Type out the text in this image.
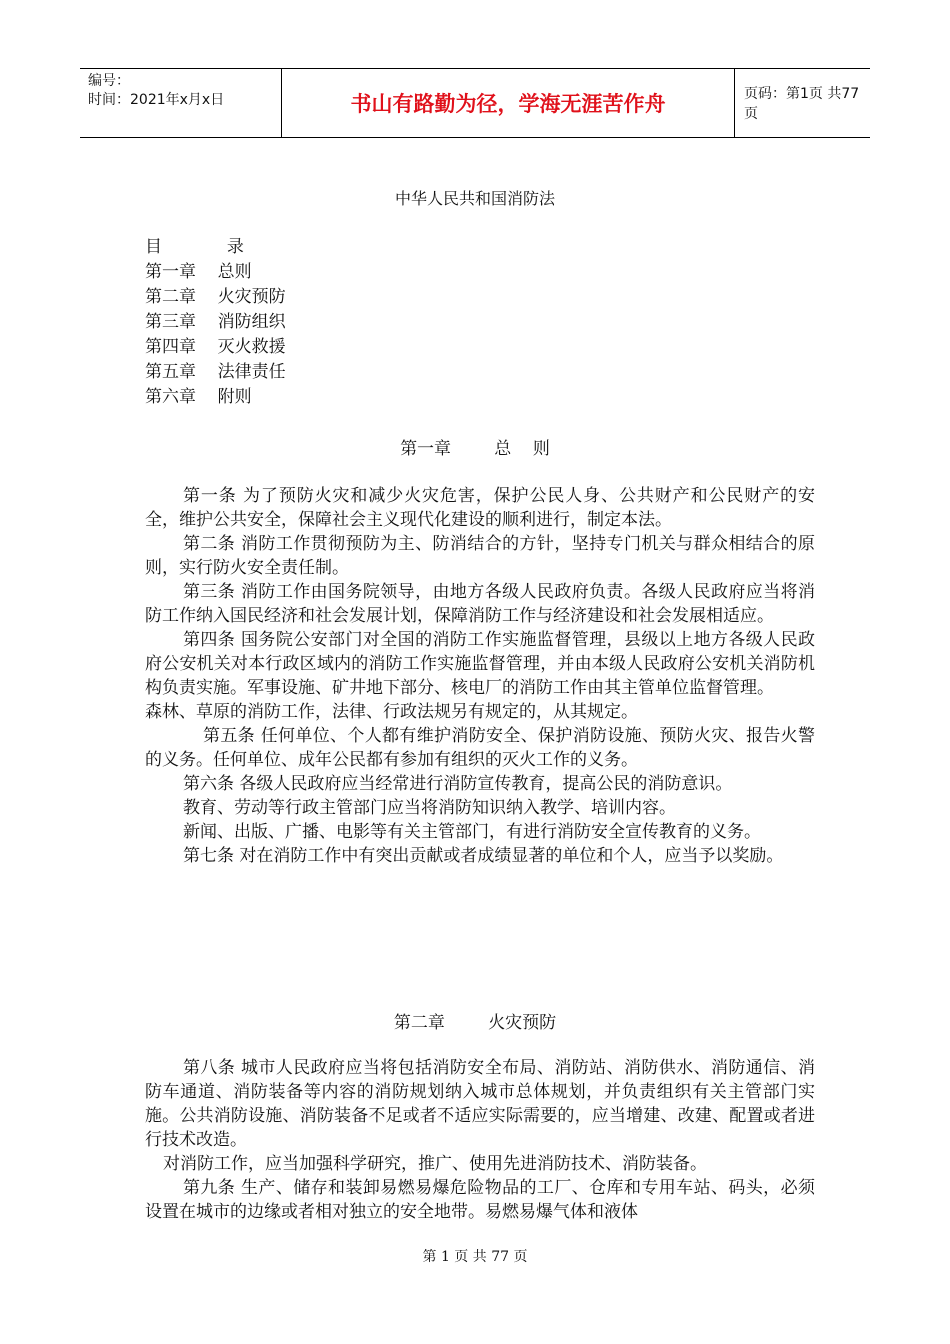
编号：
时间：2021年x月x日	书山有路勤为径，学海无涯苦作舟	页码：第1页 共77页
中华人民共和国消防法
目            录
第一章    总则
第二章    火灾预防
第三章    消防组织
第四章    灭火救援
第五章    法律责任
第六章    附则
第一章        总    则

第一条 为了预防火灾和减少火灾危害，保护公民人身、公共财产和公民财产的安全，维护公共安全，保障社会主义现代化建设的顺利进行，制定本法。

第二条 消防工作贯彻预防为主、防消结合的方针，坚持专门机关与群众相结合的原则，实行防火安全责任制。

第三条 消防工作由国务院领导，由地方各级人民政府负责。各级人民政府应当将消防工作纳入国民经济和社会发展计划，保障消防工作与经济建设和社会发展相适应。

第四条 国务院公安部门对全国的消防工作实施监督管理，县级以上地方各级人民政府公安机关对本行政区域内的消防工作实施监督管理，并由本级人民政府公安机关消防机构负责实施。军事设施、矿井地下部分、核电厂的消防工作由其主管单位监督管理。

森林、草原的消防工作，法律、行政法规另有规定的，从其规定。

第五条 任何单位、个人都有维护消防安全、保护消防设施、预防火灾、报告火警的义务。任何单位、成年公民都有参加有组织的灭火工作的义务。

第六条 各级人民政府应当经常进行消防宣传教育，提高公民的消防意识。

教育、劳动等行政主管部门应当将消防知识纳入教学、培训内容。

新闻、出版、广播、电影等有关主管部门，有进行消防安全宣传教育的义务。

第七条 对在消防工作中有突出贡献或者成绩显著的单位和个人，应当予以奖励。

第二章        火灾预防

第八条 城市人民政府应当将包括消防安全布局、消防站、消防供水、消防通信、消防车通道、消防装备等内容的消防规划纳入城市总体规划，并负责组织有关主管部门实施。公共消防设施、消防装备不足或者不适应实际需要的，应当增建、改建、配置或者进行技术改造。

对消防工作，应当加强科学研究，推广、使用先进消防技术、消防装备。

第九条 生产、储存和装卸易燃易爆危险物品的工厂、仓库和专用车站、码头，必须设置在城市的边缘或者相对独立的安全地带。易燃易爆气体和液体

第 1 页 共 77 页
